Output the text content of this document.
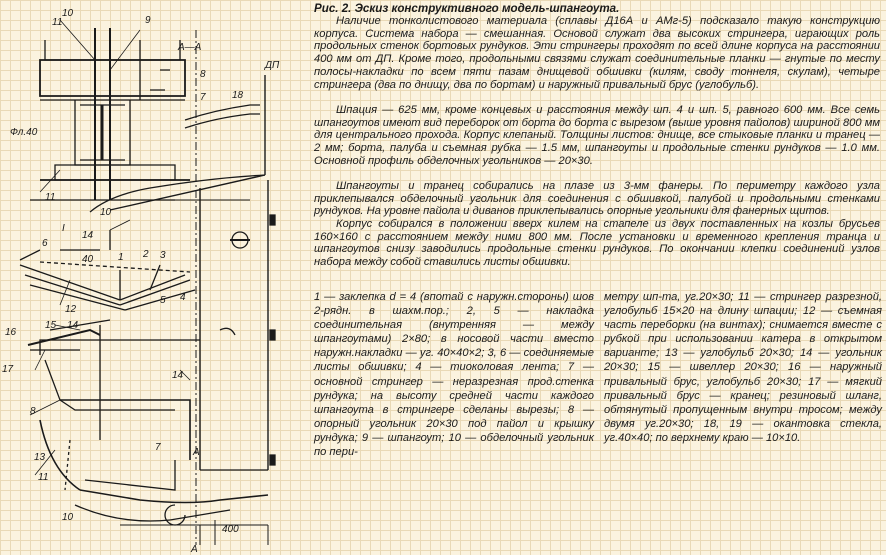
А—А
ДП
Фл.40
40
400
I
А
А
10
11	9
8
7	18
11
10
14
6
1 2 3
4
5
12
15 14
16
17
14
8
7
13
11
10
Рис. 2. Эскиз конструктивного модель-шпангоута.

Наличие тонколистового материала (сплавы Д16А и АМг-5) подсказало такую конструкцию корпуса. Система набора — смешанная. Основой служат два высоких стрингера, играющих роль продольных стенок бортовых рундуков. Эти стрингеры проходят по всей длине корпуса на расстоянии 400 мм от ДП. Кроме того, продольными связями служат соединительные планки — гнутые по месту полосы-накладки по всем пяти пазам днищевой обшивки (килям, своду тоннеля, скулам), четыре стрингера (два по днищу, два по бортам) и наружный привальный брус (углобульб).

Шпация — 625 мм, кроме концевых и расстояния между шп. 4 и шп. 5, равного 600 мм. Все семь шпангоутов имеют вид переборок от борта до борта с вырезом (выше уровня пайолов) шириной 800 мм для центрального прохода. Корпус клепаный. Толщины листов: днище, все стыковые планки и транец — 2 мм; борта, палуба и съемная рубка — 1.5 мм, шпангоуты и продольные стенки рундуков — 1.0 мм. Основной профиль обделочных угольников — 20×30.

Шпангоуты и транец собирались на плазе из 3-мм фанеры. По периметру каждого узла приклепывался обделочный угольник для соединения с обшивкой, палубой и продольными стенками рундуков. На уровне пайола и диванов приклепывались опорные угольники для фанерных щитов.

Корпус собирался в положении вверх килем на стапеле из двух поставленных на козлы брусьев 160×160 с расстоянием между ними 800 мм. После установки и временного крепления транца и шпангоутов снизу заводились продольные стенки рундуков. По окончании клепки соединений узлов набора между собой ставились листы обшивки.

1 — заклепка d = 4 (впотай с наружн.стороны) шов 2-рядн. в шахм.пор.; 2, 5 — накладка соединительная (внутренняя — между шпангоутами) 2×80; в носовой части вместо наружн.накладки — уг. 40×40×2; 3, 6 — соединяемые листы обшивки; 4 — тиоколовая лента; 7 — основной стрингер — неразрезная прод.стенка рундука; на высоту средней части каждого шпангоута в стрингере сделаны вырезы; 8 — опорный угольник 20×30 под пайол и крышку рундука; 9 — шпангоут; 10 — обделочный угольник по пери-

метру шп-та, уг.20×30; 11 — стрингер разрезной, углобульб 15×20 на длину шпации; 12 — съемная часть переборки (на винтах); снимается вместе с рубкой при использовании катера в открытом варианте; 13 — углобульб 20×30; 14 — угольник 20×30; 15 — швеллер 20×30; 16 — наружный привальный брус, углобульб 20×30; 17 — мягкий привальный брус — кранец; резиновый шланг, обтянутый пропущенным внутри тросом; между двумя уг.20×30; 18, 19 — окантовка стекла, уг.40×40; по верхнему краю — 10×10.
